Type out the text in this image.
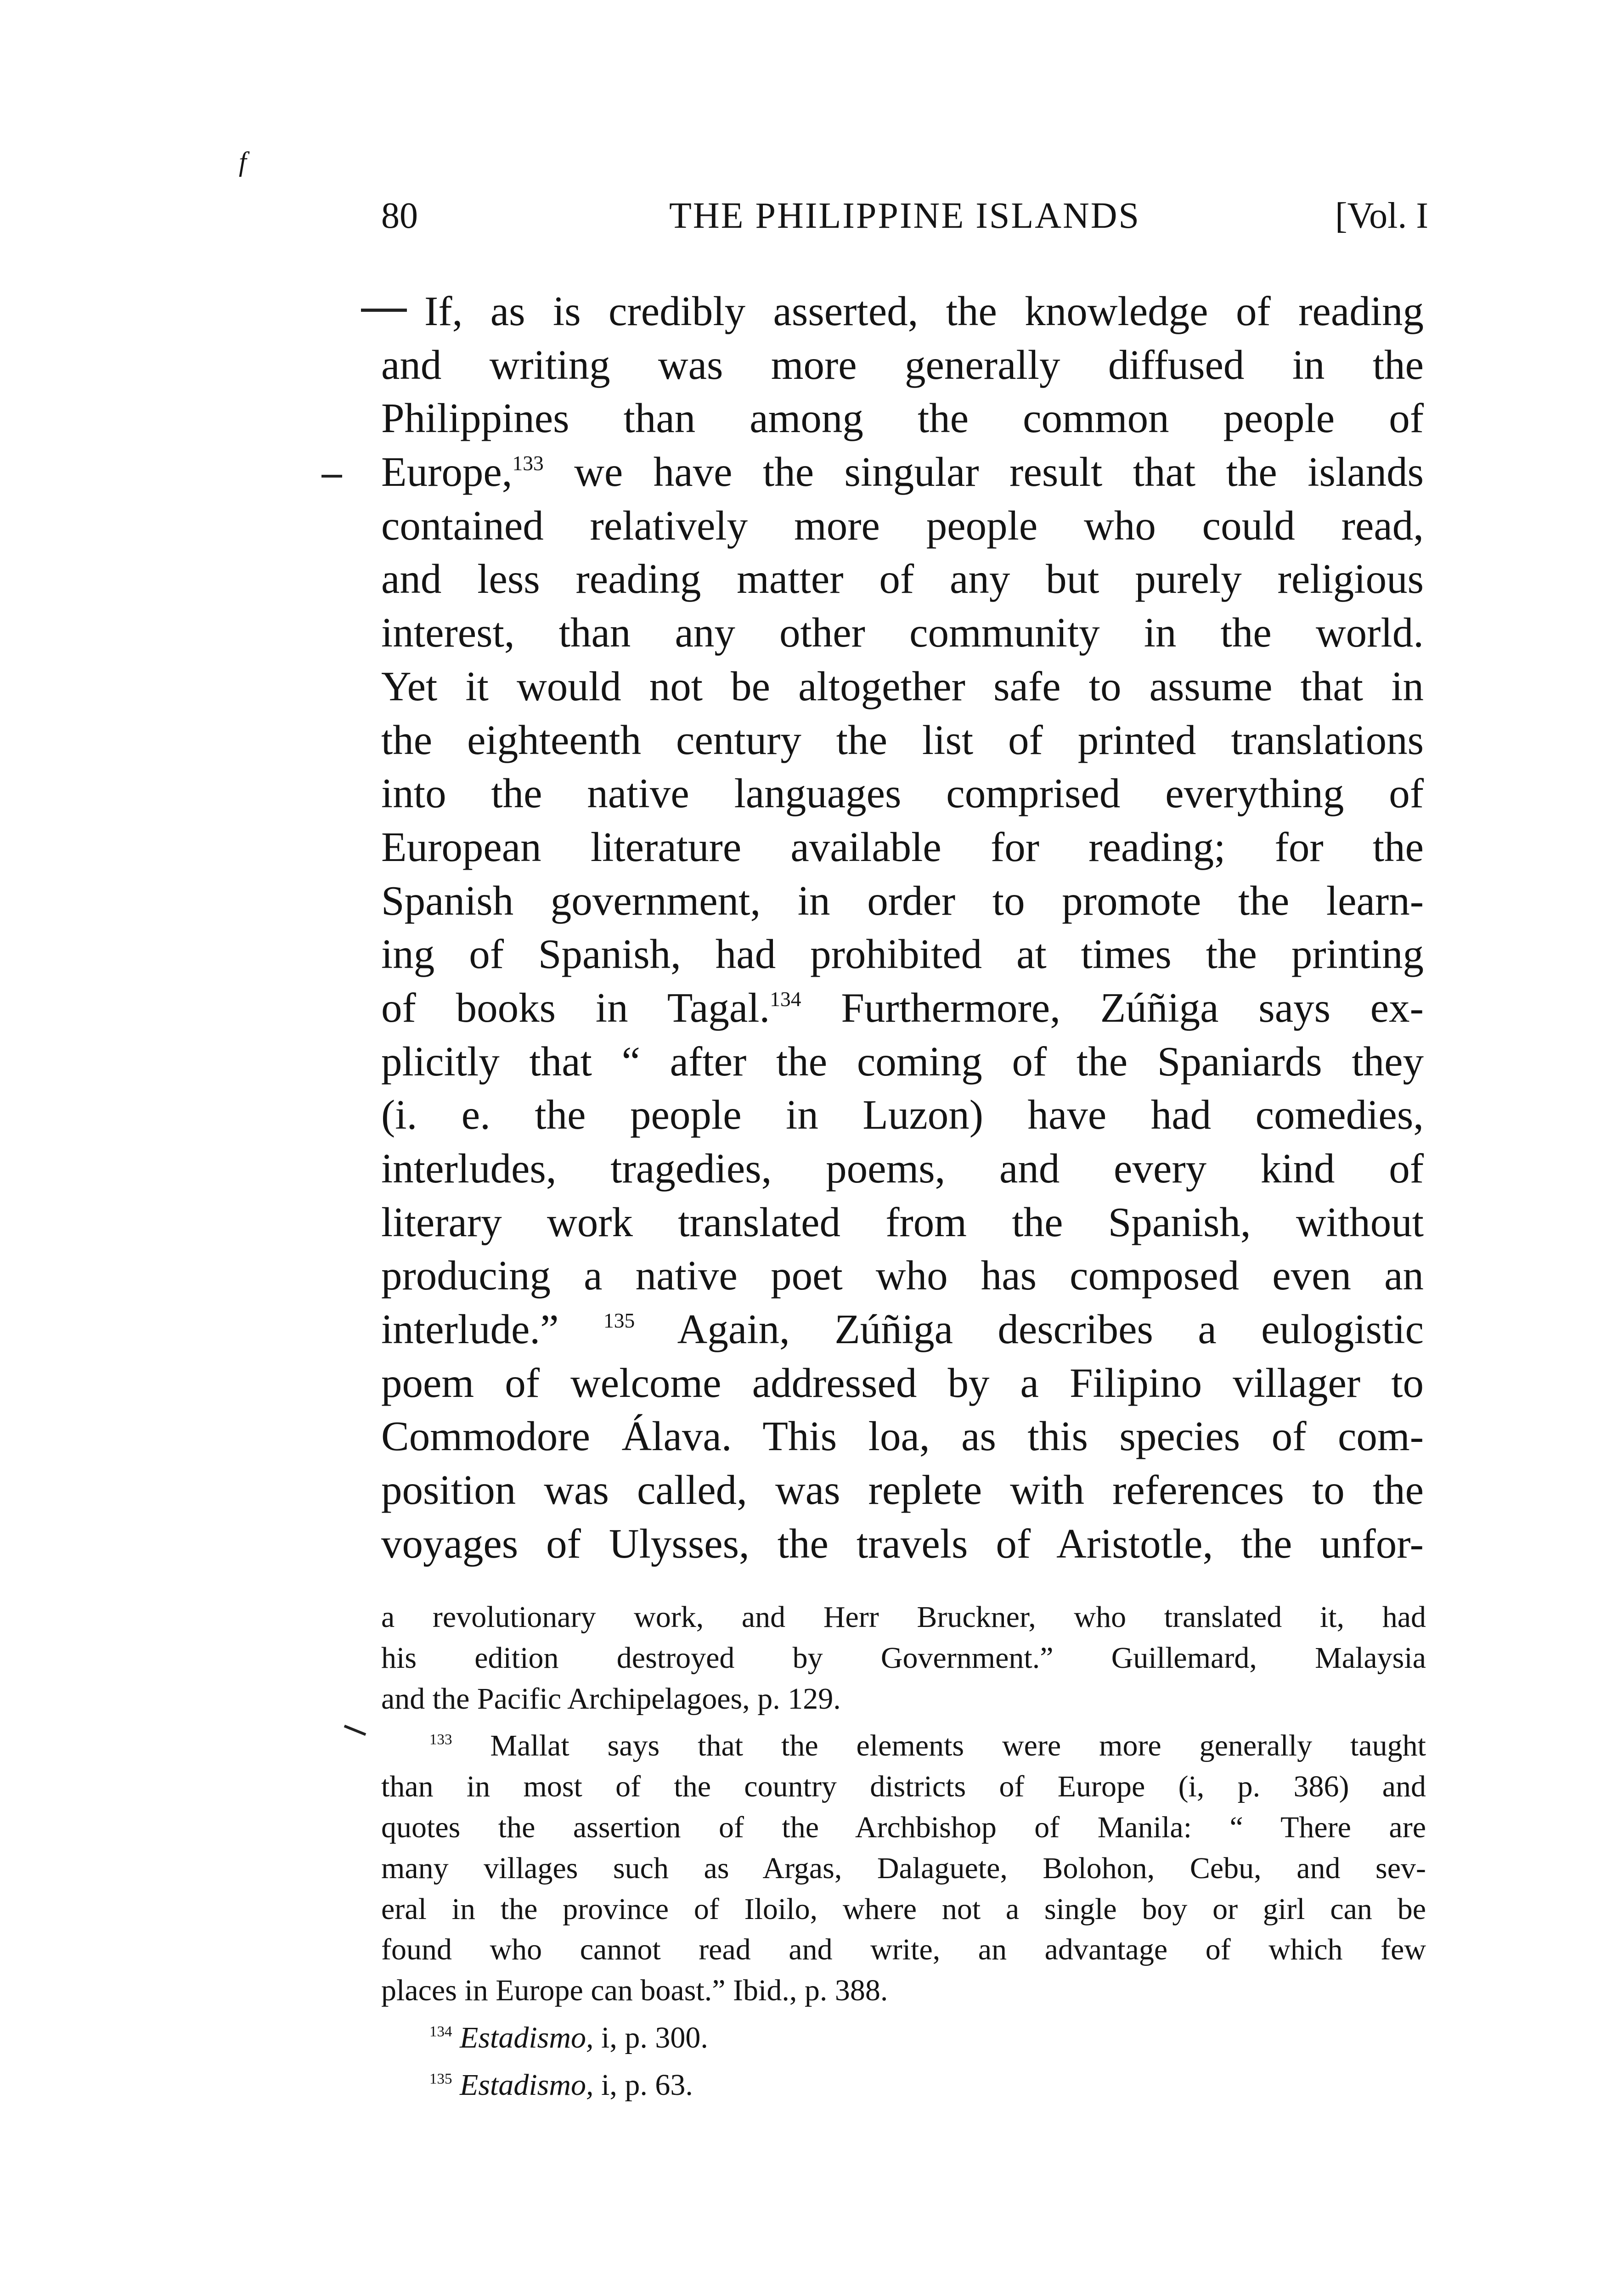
f
80	THE PHILIPPINE ISLANDS	[Vol. I
If, as is credibly asserted, the knowledge of reading
and writing was more generally diffused in the
Philippines than among the common people of
Europe,$^{133}$ we have the singular result that the islands
contained relatively more people who could read,
and less reading matter of any but purely religious
interest, than any other community in the world.
Yet it would not be altogether safe to assume that in
the eighteenth century the list of printed translations
into the native languages comprised everything of
European literature available for reading; for the
Spanish government, in order to promote the learn-
ing of Spanish, had prohibited at times the printing
of books in Tagal.$^{134}$ Furthermore, Zúñiga says ex-
plicitly that “ after the coming of the Spaniards they
(i. e. the people in Luzon) have had comedies,
interludes, tragedies, poems, and every kind of
literary work translated from the Spanish, without
producing a native poet who has composed even an
interlude.” $^{135}$ Again, Zúñiga describes a eulogistic
poem of welcome addressed by a Filipino villager to
Commodore Álava. This loa, as this species of com-
position was called, was replete with references to the
voyages of Ulysses, the travels of Aristotle, the unfor-
a revolutionary work, and Herr Bruckner, who translated it, had
his edition destroyed by Government.” Guillemard, Malaysia
and the Pacific Archipelagoes, p. 129.
$^{133}$ Mallat says that the elements were more generally taught
than in most of the country districts of Europe (i, p. 386) and
quotes the assertion of the Archbishop of Manila: “ There are
many villages such as Argas, Dalaguete, Bolohon, Cebu, and sev-
eral in the province of Iloilo, where not a single boy or girl can be
found who cannot read and write, an advantage of which few
places in Europe can boast.” Ibid., p. 388.
$^{134}$ Estadismo, i, p. 300.
$^{135}$ Estadismo, i, p. 63.
